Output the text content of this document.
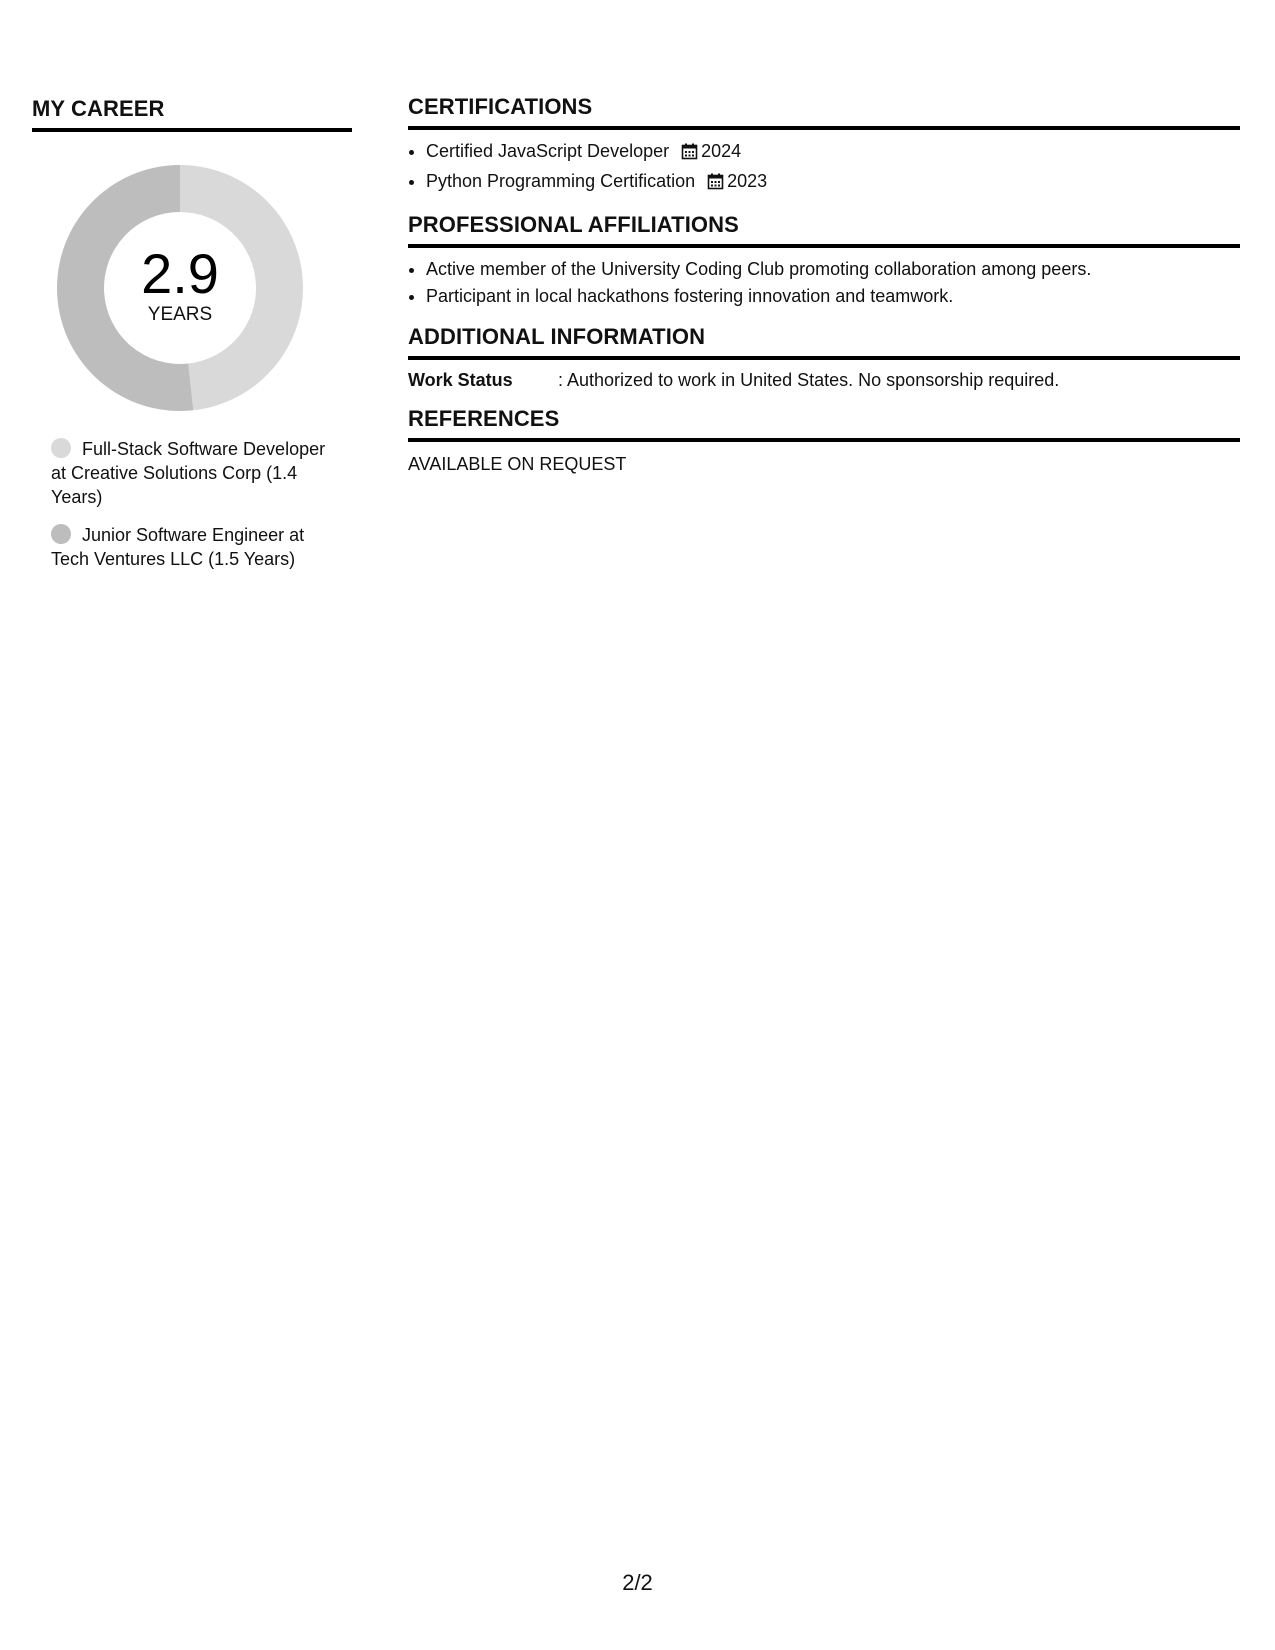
MY CAREER
2.9
YEARS
Full-Stack Software Developer at Creative Solutions Corp (1.4 Years)
Junior Software Engineer at Tech Ventures LLC (1.5 Years)
CERTIFICATIONS
• Certified JavaScript Developer 2024
• Python Programming Certification 2023
PROFESSIONAL AFFILIATIONS
• Active member of the University Coding Club promoting collaboration among peers.
• Participant in local hackathons fostering innovation and teamwork.
ADDITIONAL INFORMATION
Work Status	: Authorized to work in United States. No sponsorship required.
REFERENCES
AVAILABLE ON REQUEST
2/2
